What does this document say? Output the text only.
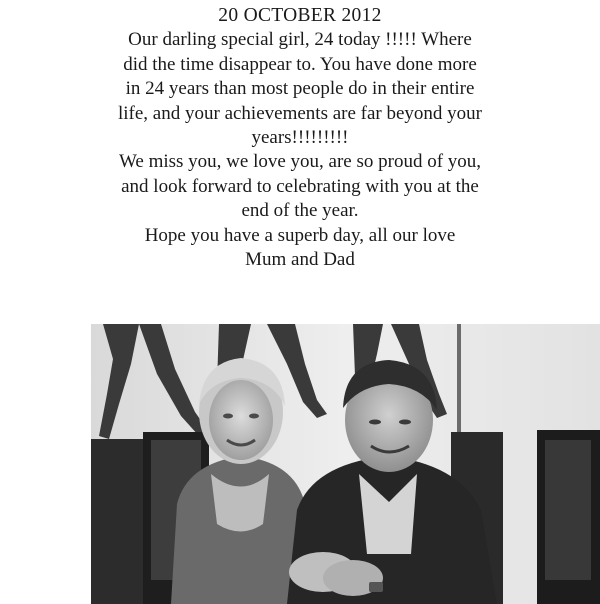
20 OCTOBER 2012
Our darling special girl, 24 today !!!!! Where
did the time disappear to. You have done more
in 24 years than most people do in their entire
life, and your achievements are far beyond your
years!!!!!!!!!
We miss you, we love you, are so proud of you,
and look forward to celebrating with you at the
end of the year.
Hope you have a superb day, all our love
Mum and Dad
